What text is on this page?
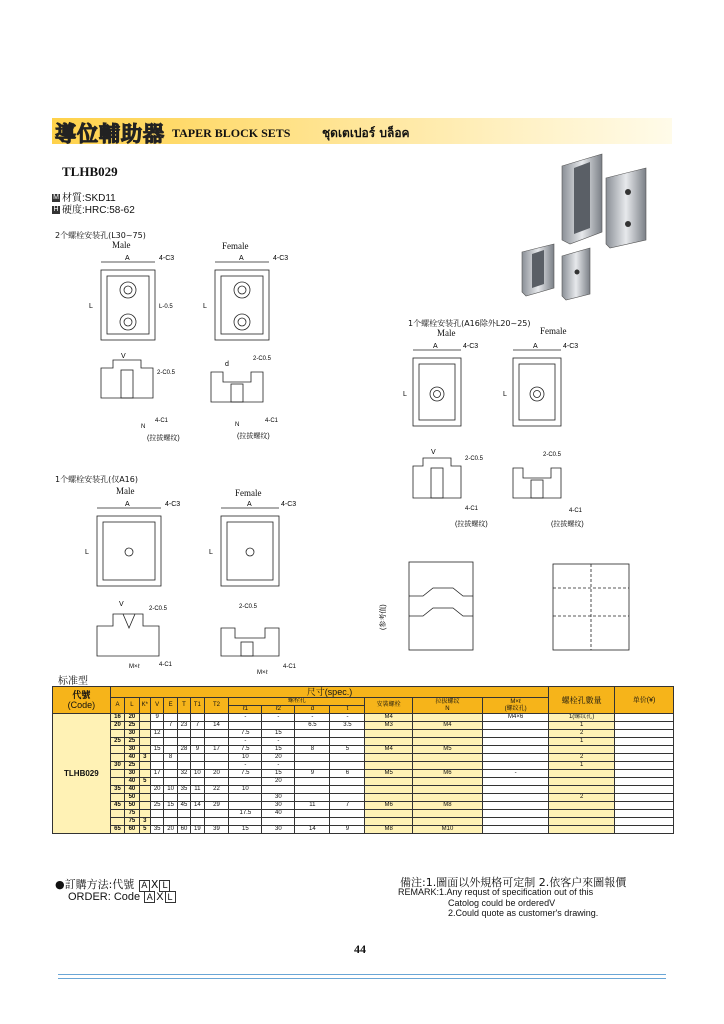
導位輔助器 TAPER BLOCK SETS	ชุดเตเปอร์ บล็อค
TLHB029
M 材質:SKD11
H 硬度:HRC:58-62
2个螺栓安装孔(L30~75)
Male	Female
1个螺栓安装孔(A16除外L20~25)
Male	Female
1个螺栓安装孔(仅A16)
Male	Female
标准型
A	A
4-C3	4-C3
L	L
L-0.5
V
d
2-C0.5
2-C0.5
4-C1	4-C1
N	N
(拉拔螺纹)	(拉拔螺纹)
A	A
4-C3	4-C3
L	L
V
2-C0.5
2-C0.5
4-C1	4-C1
(拉拔螺纹)	(拉拔螺纹)
A	A
4-C3	4-C3
L	L
V
2-C0.5	2-C0.5
4-C1	4-C1
M×ℓ
M×ℓ
(参考值)
代號
(Code)	尺寸(spec.)															螺栓孔數量	单价(¥)
	A	L	K*	V	E	T	T1	T2	螺栓孔				安裝螺栓	拉拔螺纹
N	M×ℓ
(螺纹孔)		
									ℓ1	ℓ2	d	t					
TLHB029	16	20		9					-	-	-	-	M4		M4×6	1(螺纹孔)	
	20	25			7	23	7	14			6.5	3.5	M3	M4		1	
		30		12					7.5	15						2	
	25	25							-	-						1	
		30		15		28	9	17	7.5	15	8	5	M4	M5			
		40	3		8				10	20						2	
	30	25							-	-						1	
		30		17		32	10	20	7.5	15	9	6	M5	M6	-		
		40	5							20							
	35	40		20	10	35	11	22	10								
		50								30						2	
	45	50		25	15	45	14	29		30	11	7	M6	M8			
		75							17.5	40							
		75	3														
	65	60	5	35	20	60	19	39	15	30	14	9	M8	M10			
●訂購方法:代號 A X L
ORDER: Code A X L
備注:1.圖面以外規格可定制 2.依客户來圖報價
REMARK:1.Any requst of specification out of this
Catolog could be orderedV
2.Could quote as customer's drawing.
44
